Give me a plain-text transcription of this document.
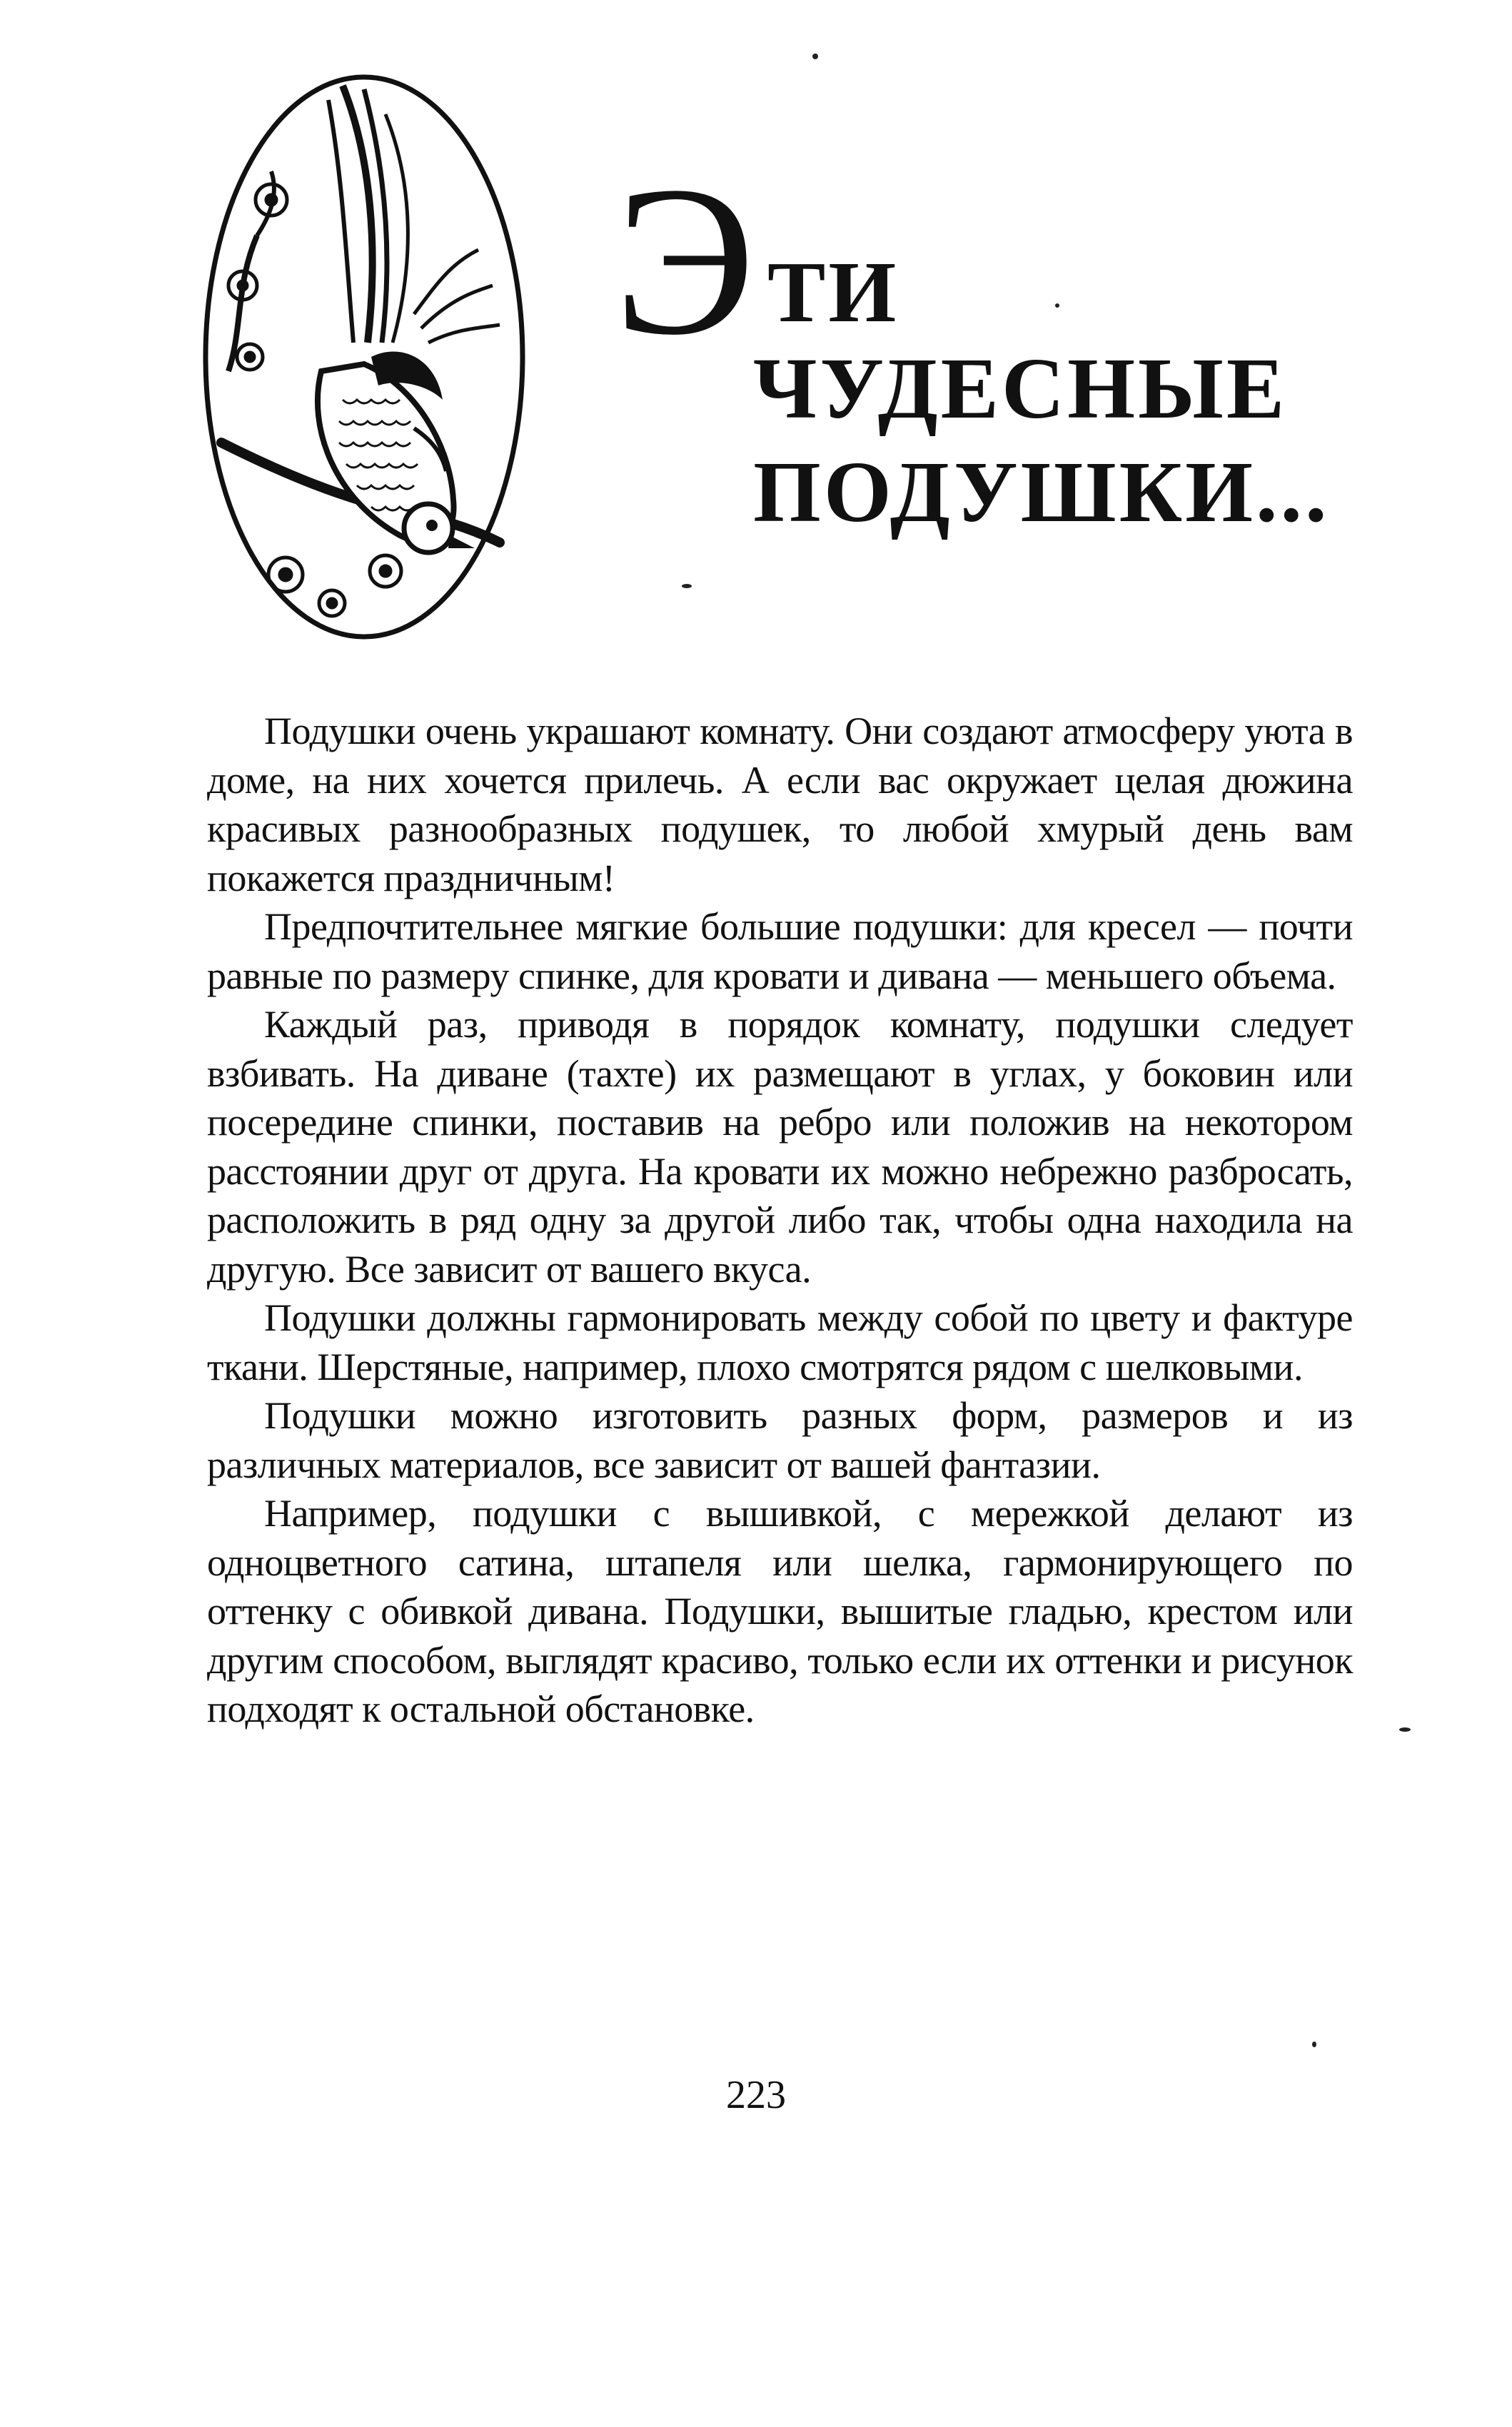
Э ТИ
ЧУДЕСНЫЕ
ПОДУШКИ...

Подушки очень украшают комнату. Они создают атмосферу уюта в доме, на них хочется прилечь. А если вас окружает целая дюжина красивых разнообразных подушек, то любой хмурый день вам покажется праздничным!

Предпочтительнее мягкие большие подушки: для кресел — почти равные по размеру спинке, для кровати и дивана — меньшего объема.

Каждый раз, приводя в порядок комнату, подушки следует взбивать. На диване (тахте) их размещают в углах, у боковин или посередине спинки, поставив на ребро или положив на некотором расстоянии друг от друга. На кровати их можно небрежно разбросать, расположить в ряд одну за другой либо так, чтобы одна находила на другую. Все зависит от вашего вкуса.

Подушки должны гармонировать между собой по цвету и фактуре ткани. Шерстяные, например, плохо смотрятся рядом с шелковыми.

Подушки можно изготовить разных форм, размеров и из различных материалов, все зависит от вашей фантазии.

Например, подушки с вышивкой, с мережкой делают из одноцветного сатина, штапеля или шелка, гармонирующего по оттенку с обивкой дивана. Подушки, вышитые гладью, крестом или другим способом, выглядят красиво, только если их оттенки и рисунок подходят к остальной обстановке.

223
